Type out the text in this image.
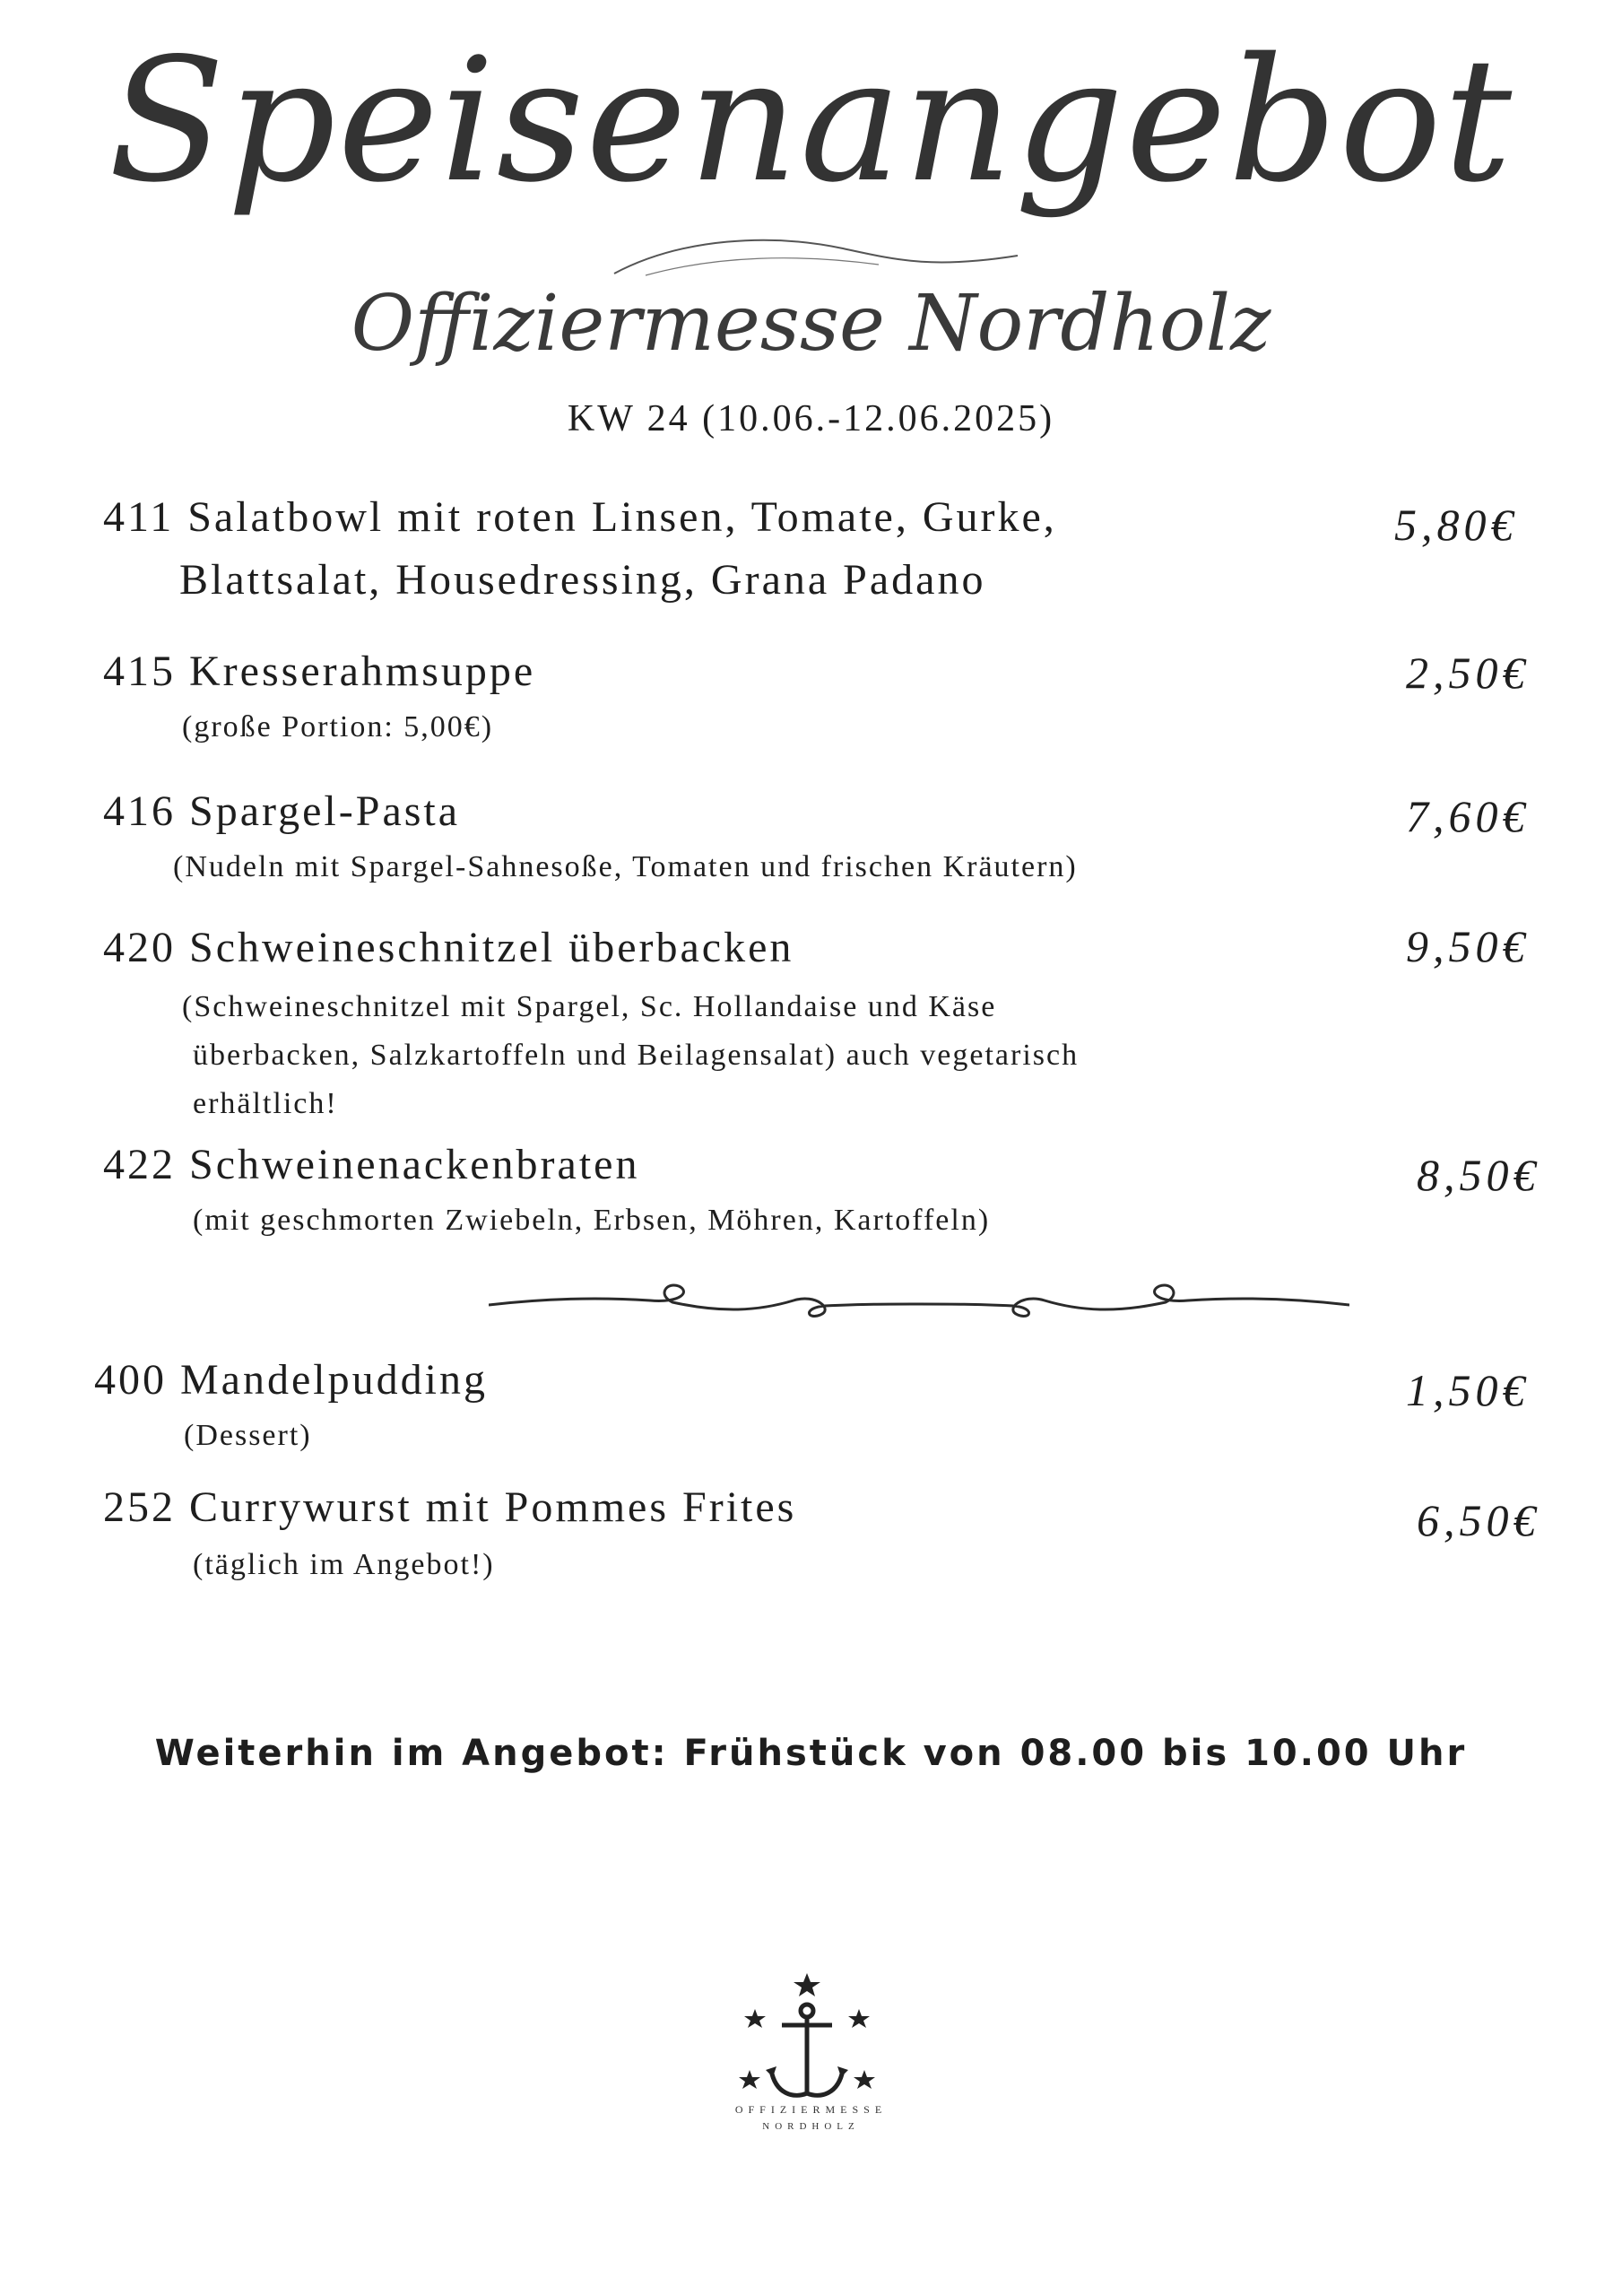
Speisenangebot
Offiziermesse Nordholz
KW 24 (10.06.-12.06.2025)
411 Salatbowl mit roten Linsen, Tomate, Gurke,
Blattsalat, Housedressing, Grana Padano
5,80€
415 Kresserahmsuppe
(große Portion: 5,00€)
2,50€
416 Spargel-Pasta
(Nudeln mit Spargel-Sahnesoße, Tomaten und frischen Kräutern)
7,60€
420 Schweineschnitzel überbacken
(Schweineschnitzel mit Spargel, Sc. Hollandaise und Käse
überbacken, Salzkartoffeln und Beilagensalat) auch vegetarisch
erhältlich!
9,50€
422 Schweinenackenbraten
(mit geschmorten Zwiebeln, Erbsen, Möhren, Kartoffeln)
8,50€
400 Mandelpudding
(Dessert)
1,50€
252 Currywurst mit Pommes Frites
(täglich im Angebot!)
6,50€
Weiterhin im Angebot: Frühstück von 08.00 bis 10.00 Uhr
OFFIZIERMESSE
NORDHOLZ
